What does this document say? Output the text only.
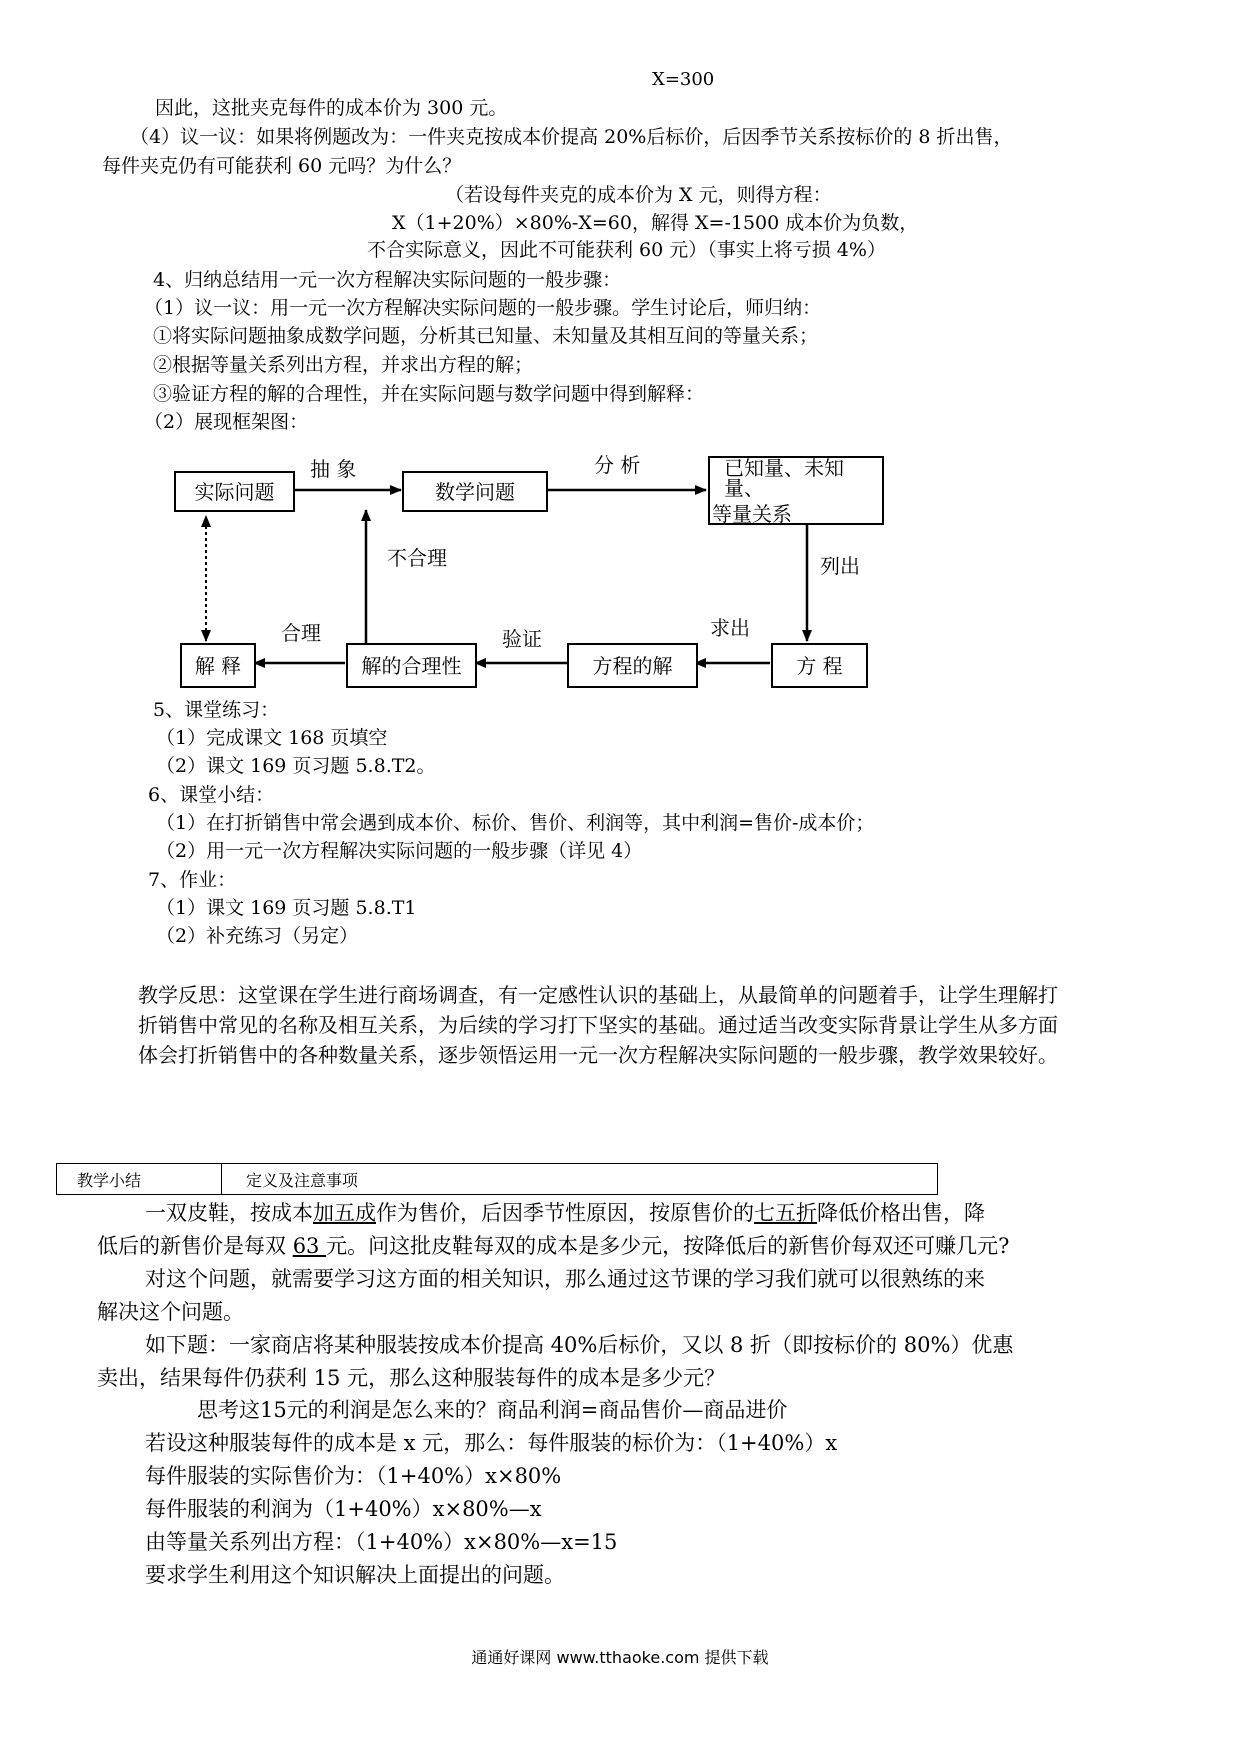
X=300
因此，这批夹克每件的成本价为 300 元。
（4）议一议：如果将例题改为：一件夹克按成本价提高 20%后标价，后因季节关系按标价的 8 折出售，
每件夹克仍有可能获利 60 元吗？为什么？
（若设每件夹克的成本价为 X 元，则得方程：
X（1+20%）×80%-X=60，解得 X=-1500 成本价为负数，
不合实际意义，因此不可能获利 60 元）（事实上将亏损 4%）
4、归纳总结用一元一次方程解决实际问题的一般步骤：
（1）议一议：用一元一次方程解决实际问题的一般步骤。学生讨论后，师归纳：
①将实际问题抽象成数学问题，分析其已知量、未知量及其相互间的等量关系；
②根据等量关系列出方程，并求出方程的解；
③验证方程的解的合理性，并在实际问题与数学问题中得到解释：
（2）展现框架图：
实际问题	数学问题
已知量、未知量、
等量关系
方 程
方程的解
解的合理性
解 释
抽 象	分 析
列出
求出
验证
合理
不合理
5、课堂练习：
（1）完成课文 168 页填空
（2）课文 169 页习题 5.8.T2。
6、课堂小结：
（1）在打折销售中常会遇到成本价、标价、售价、利润等，其中利润=售价-成本价；
（2）用一元一次方程解决实际问题的一般步骤（详见 4）
7、作业：
（1）课文 169 页习题 5.8.T1
（2）补充练习（另定）
教学反思：这堂课在学生进行商场调查，有一定感性认识的基础上，从最简单的问题着手，让学生理解打
折销售中常见的名称及相互关系，为后续的学习打下坚实的基础。通过适当改变实际背景让学生从多方面
体会打折销售中的各种数量关系，逐步领悟运用一元一次方程解决实际问题的一般步骤，教学效果较好。
教学小结	定义及注意事项
一双皮鞋，按成本加五成作为售价，后因季节性原因，按原售价的七五折降低价格出售，降
低后的新售价是每双 63 元。问这批皮鞋每双的成本是多少元，按降低后的新售价每双还可赚几元?
对这个问题，就需要学习这方面的相关知识，那么通过这节课的学习我们就可以很熟练的来
解决这个问题。
如下题：一家商店将某种服装按成本价提高 40%后标价，又以 8 折（即按标价的 80%）优惠
卖出，结果每件仍获利 15 元，那么这种服装每件的成本是多少元？
思考这15元的利润是怎么来的？商品利润=商品售价—商品进价
若设这种服装每件的成本是 x 元，那么：每件服装的标价为：（1+40%）x
每件服装的实际售价为：（1+40%）x×80%
每件服装的利润为（1+40%）x×80%—x
由等量关系列出方程：（1+40%）x×80%—x=15
要求学生利用这个知识解决上面提出的问题。
通通好课网 www.tthaoke.com 提供下载
